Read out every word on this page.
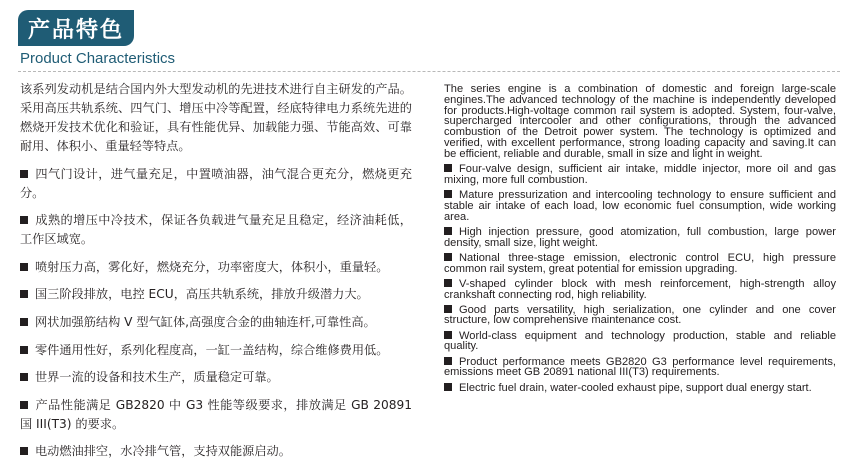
产品特色
Product Characteristics

该系列发动机是结合国内外大型发动机的先进技术进行自主研发的产品。采用高压共轨系统、四气门、增压中冷等配置，经底特律电力系统先进的燃烧开发技术优化和验证，具有性能优异、加载能力强、节能高效、可靠耐用、体积小、重量轻等特点。

四气门设计，进气量充足，中置喷油器，油气混合更充分，燃烧更充分。

成熟的增压中冷技术，保证各负载进气量充足且稳定，经济油耗低，工作区域宽。

喷射压力高，雾化好，燃烧充分，功率密度大，体积小，重量轻。

国三阶段排放，电控 ECU，高压共轨系统，排放升级潜力大。

网状加强筋结构 V 型气缸体,高强度合金的曲轴连杆,可靠性高。

零件通用性好，系列化程度高，一缸一盖结构，综合维修费用低。

世界一流的设备和技术生产，质量稳定可靠。

产品性能满足 GB2820 中 G3 性能等级要求，排放满足 GB 20891 国 III(T3) 的要求。

电动燃油排空，水冷排气管，支持双能源启动。

The series engine is a combination of domestic and foreign large-scale engines.The advanced technology of the machine is independently developed for products.High-voltage common rail system is adopted. System, four-valve, supercharged intercooler and other configurations, through the advanced combustion of the Detroit power system. The technology is optimized and verified, with excellent performance, strong loading capacity and saving.It can be efficient, reliable and durable, small in size and light in weight.

Four-valve design, sufficient air intake, middle injector, more oil and gas mixing, more full combustion.

Mature pressurization and intercooling technology to ensure sufficient and stable air intake of each load, low economic fuel consumption, wide working area.

High injection pressure, good atomization, full combustion, large power density, small size, light weight.

National three-stage emission, electronic control ECU, high pressure common rail system, great potential for emission upgrading.

V-shaped cylinder block with mesh reinforcement, high-strength alloy crankshaft connecting rod, high reliability.

Good parts versatility, high serialization, one cylinder and one cover structure, low comprehensive maintenance cost.

World-class equipment and technology production, stable and reliable quality.

Product performance meets GB2820 G3 performance level requirements, emissions meet GB 20891 national III(T3) requirements.

Electric fuel drain, water-cooled exhaust pipe, support dual energy start.
